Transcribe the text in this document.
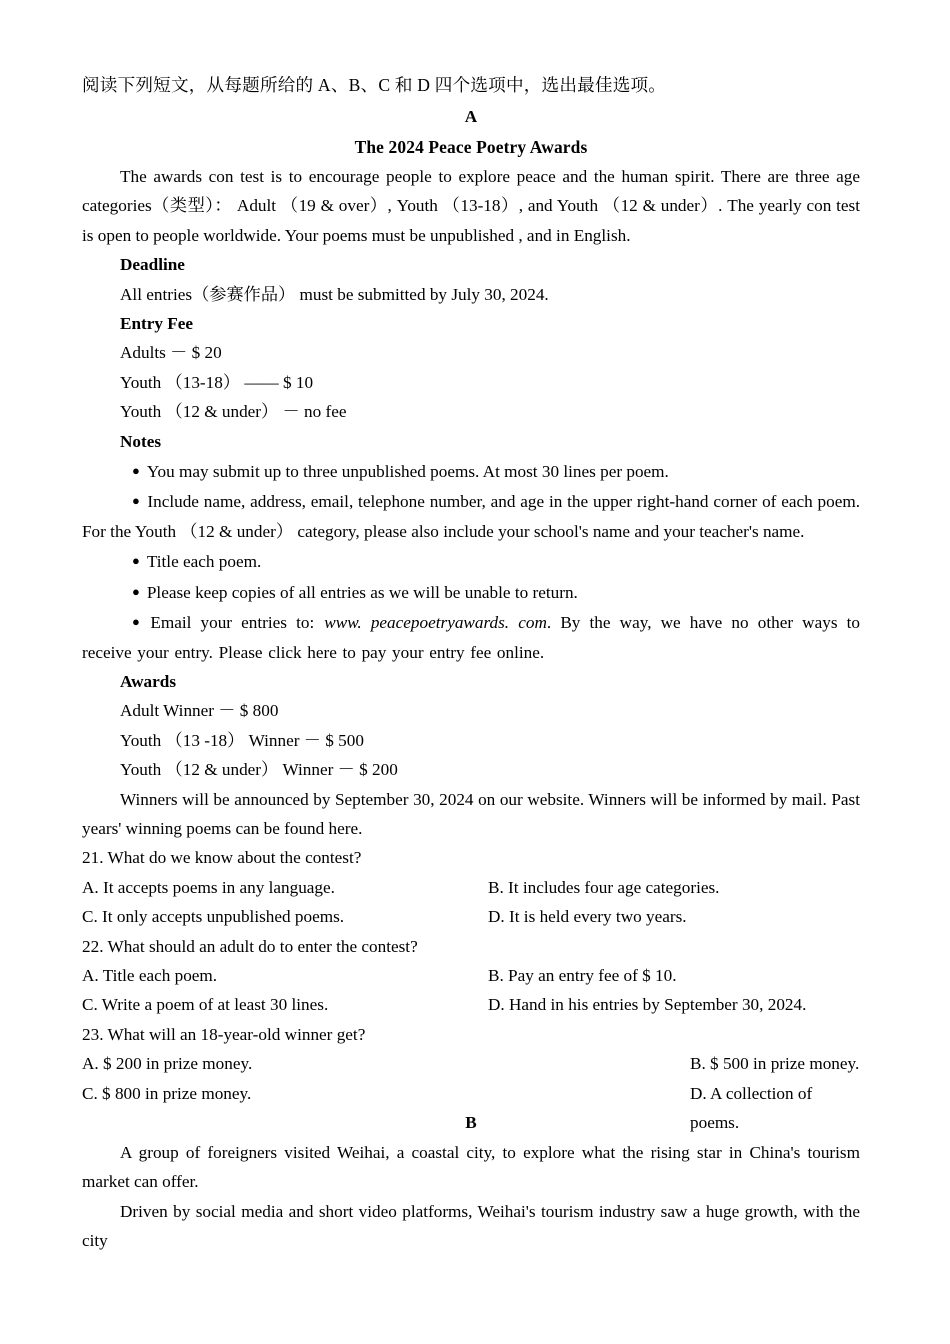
阅读下列短文，从每题所给的 A、B、C 和 D 四个选项中，选出最佳选项。

A

The 2024 Peace Poetry Awards

The awards con test is to encourage people to explore peace and the human spirit. There are three age categories（类型）： Adult （19 & over）, Youth （13-18）, and Youth （12 & under）. The yearly con test is open to people worldwide. Your poems must be unpublished , and in English.

Deadline

All entries（参赛作品） must be submitted by July 30, 2024.

Entry Fee

Adults － $ 20

Youth （13-18） —— $ 10

Youth （12 & under） － no fee

Notes

● You may submit up to three unpublished poems. At most 30 lines per poem.

● Include name, address, email, telephone number, and age in the upper right-hand corner of each poem. For the Youth （12 & under） category, please also include your school's name and your teacher's name.

● Title each poem.

● Please keep copies of all entries as we will be unable to return.

● Email your entries to: www. peacepoetryawards. com. By the way, we have no other ways to receive your entry. Please click here to pay your entry fee online.

Awards

Adult Winner － $ 800

Youth （13 -18） Winner － $ 500

Youth （12 & under） Winner － $ 200

Winners will be announced by September 30, 2024 on our website. Winners will be informed by mail. Past years' winning poems can be found here.

21. What do we know about the contest?

A. It accepts poems in any language.	B. It includes four age categories.
C. It only accepts unpublished poems.	D. It is held every two years.

22. What should an adult do to enter the contest?

A. Title each poem.	B. Pay an entry fee of $ 10.
C. Write a poem of at least 30 lines.	D. Hand in his entries by September 30, 2024.

23. What will an 18-year-old winner get?

A. $ 200 in prize money.	B. $ 500 in prize money.
C. $ 800 in prize money.	D. A collection of poems.

B

A group of foreigners visited Weihai, a coastal city, to explore what the rising star in China's tourism market can offer.

Driven by social media and short video platforms, Weihai's tourism industry saw a huge growth, with the city
